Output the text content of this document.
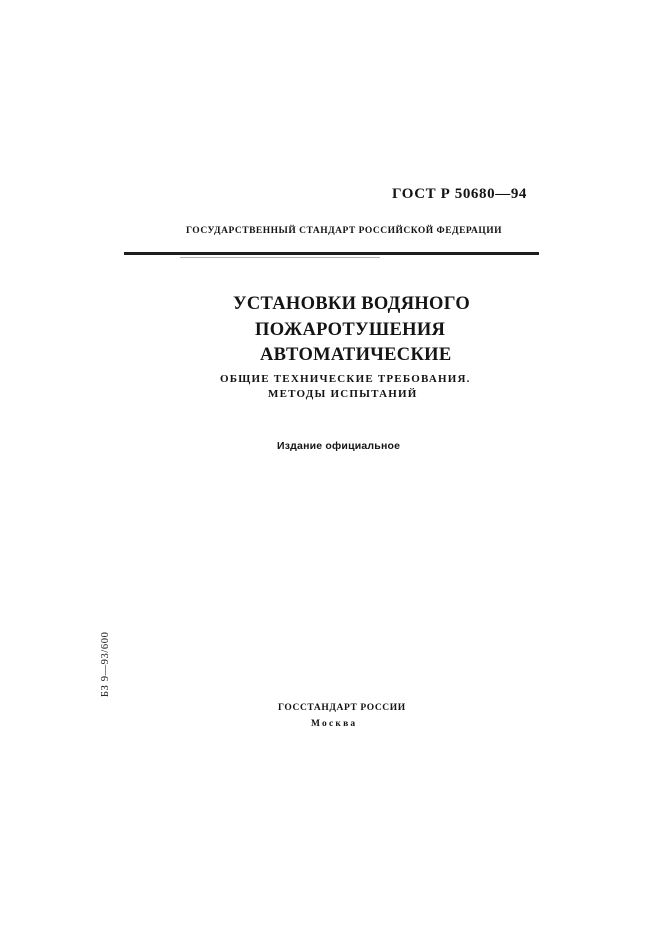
ГОСТ Р 50680—94
ГОСУДАРСТВЕННЫЙ СТАНДАРТ РОССИЙСКОЙ ФЕДЕРАЦИИ
УСТАНОВКИ ВОДЯНОГО
ПОЖАРОТУШЕНИЯ
АВТОМАТИЧЕСКИЕ
ОБЩИЕ ТЕХНИЧЕСКИЕ ТРЕБОВАНИЯ.
МЕТОДЫ ИСПЫТАНИЙ
Издание официальное
БЗ 9—93/600
ГОССТАНДАРТ РОССИИ
Москва
